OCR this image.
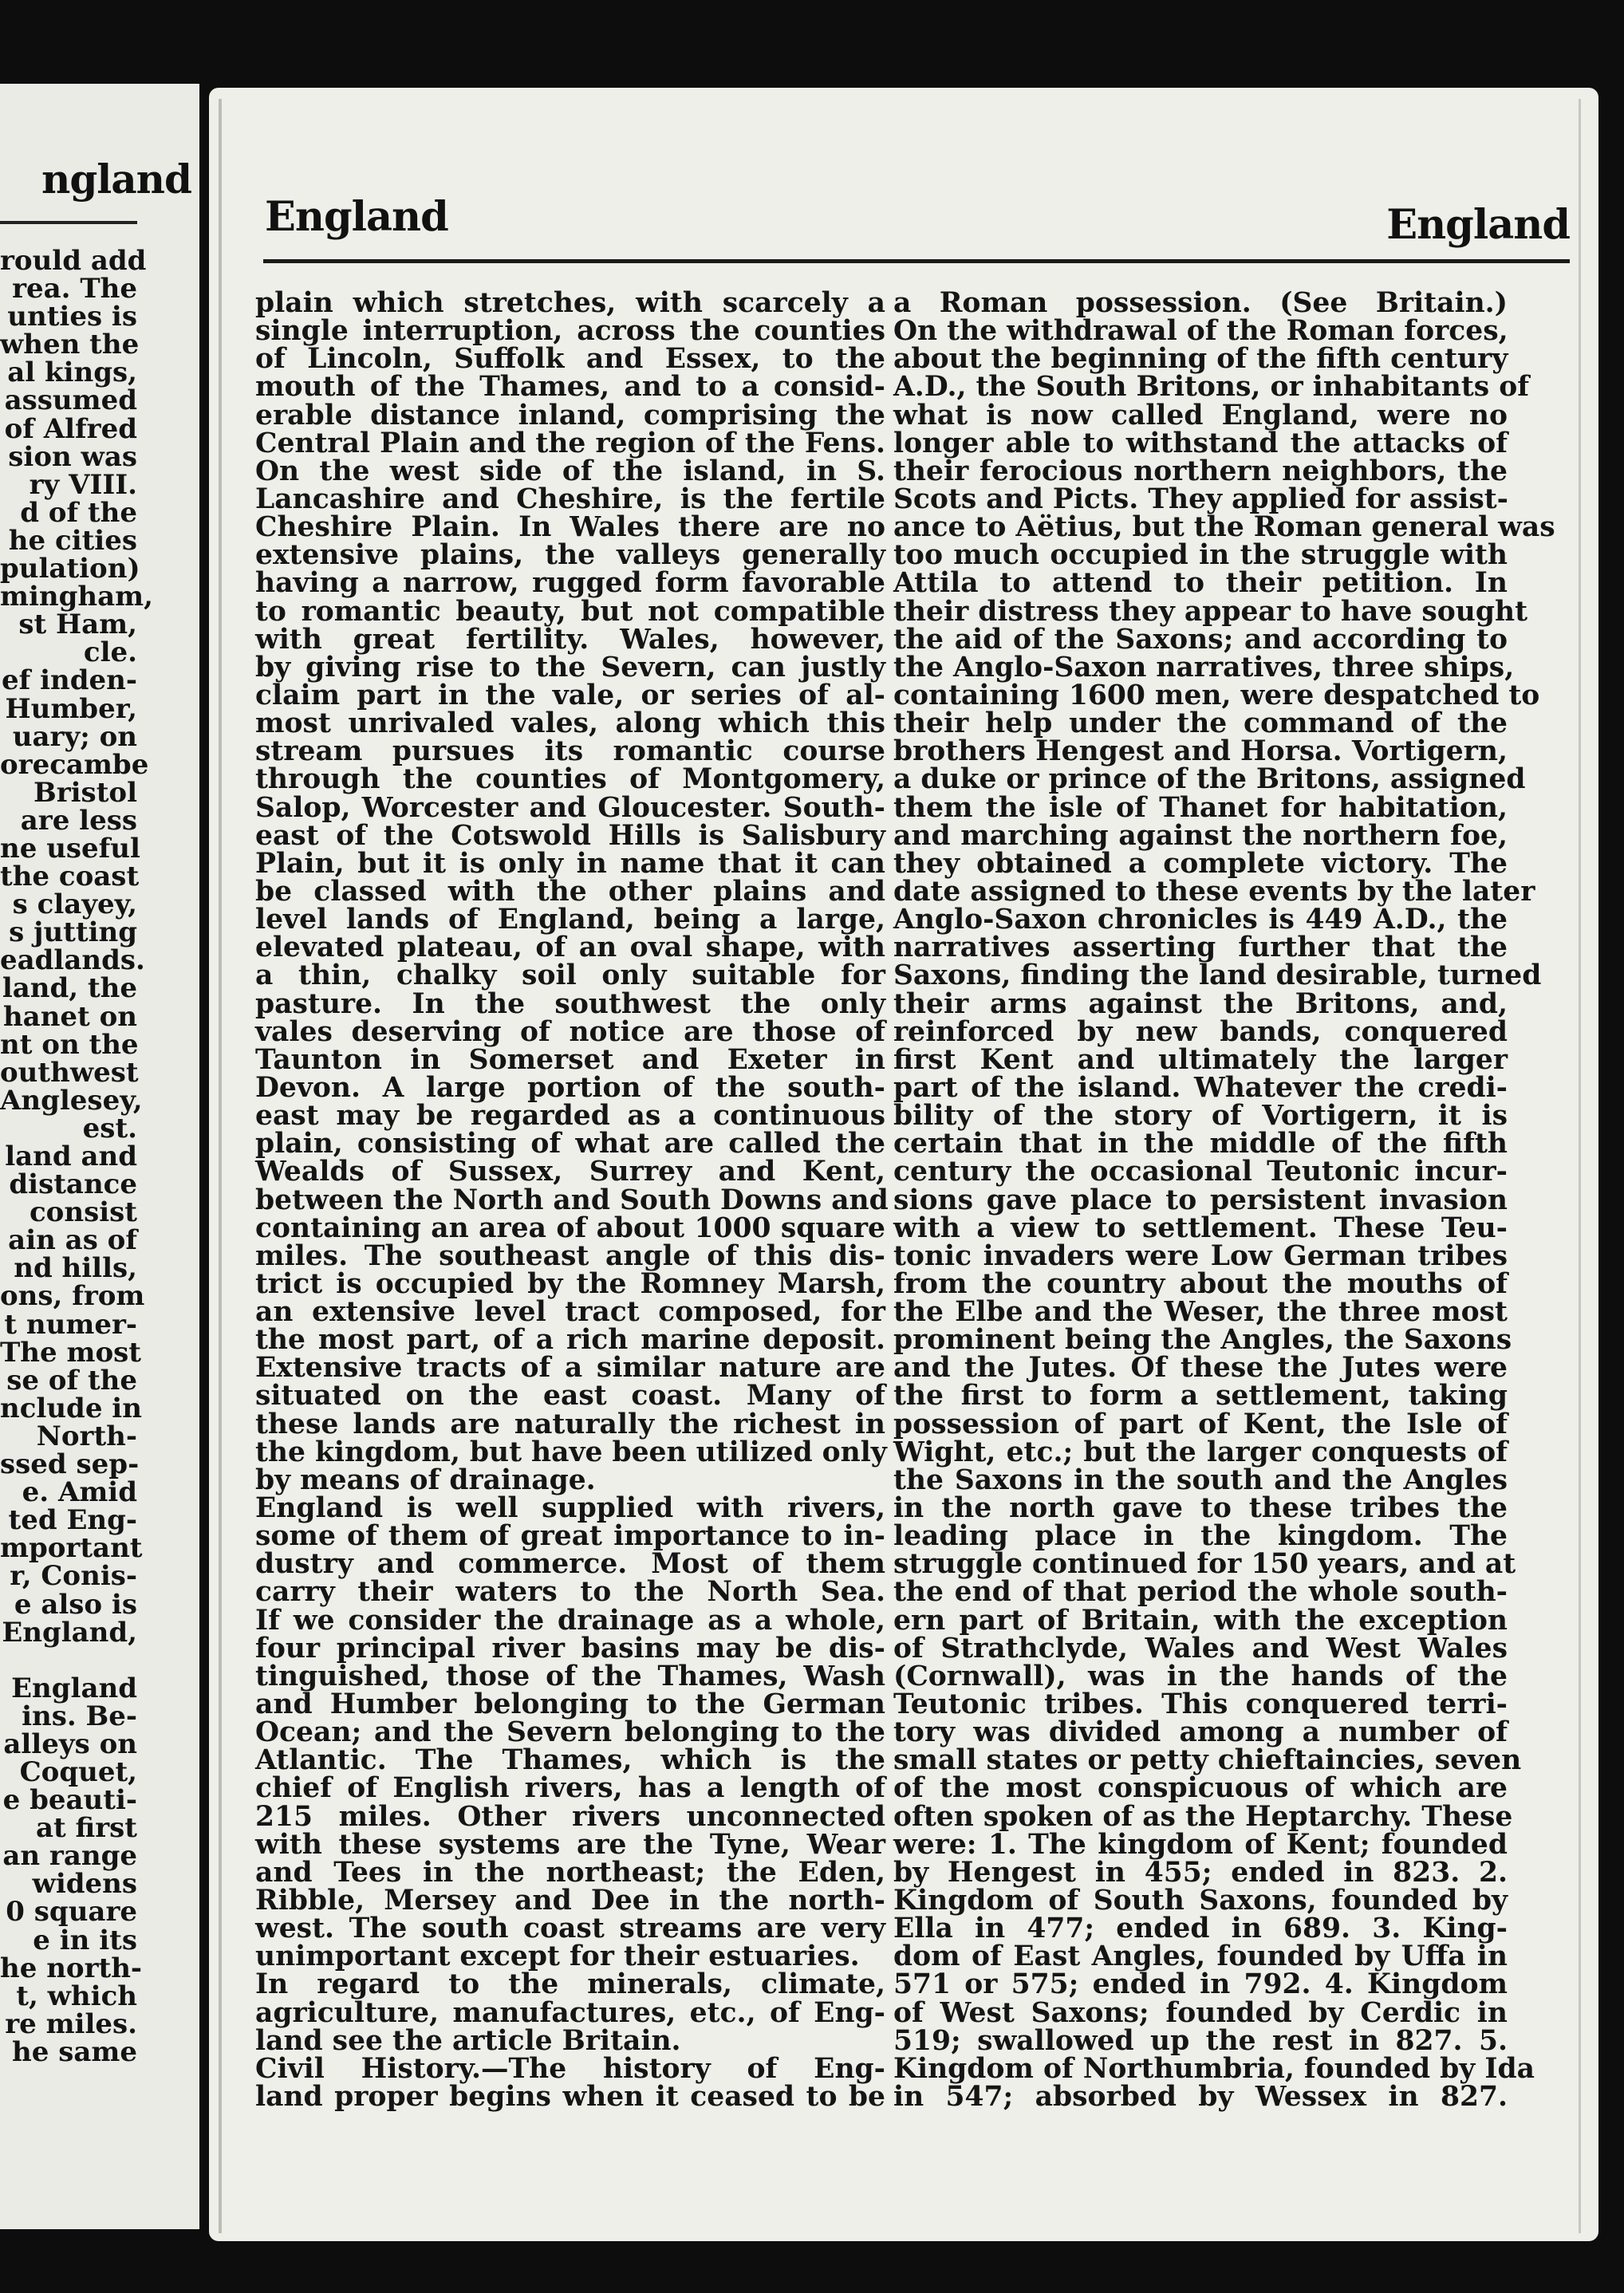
ngland
rould add
rea. The
unties is
when the
al kings,
assumed
of Alfred
sion was
ry VIII.
d of the
he cities
pulation)
mingham,
st Ham,
cle.
ef inden-
Humber,
uary; on
orecambe
Bristol
are less
ne useful
the coast
s clayey,
s jutting
eadlands.
land, the
hanet on
nt on the
outhwest
Anglesey,
est.
land and
distance
consist
ain as of
nd hills,
ons, from
t numer-
The most
se of the
nclude in
North-
ssed sep-
e. Amid
ted Eng-
mportant
r, Conis-
e also is
England,
England
ins. Be-
alleys on
Coquet,
e beauti-
at first
an range
widens
0 square
e in its
he north-
t, which
re miles.
he same
England	England
plain which stretches, with scarcely a
single interruption, across the counties
of Lincoln, Suffolk and Essex, to the
mouth of the Thames, and to a consid-
erable distance inland, comprising the
Central Plain and the region of the Fens.
On the west side of the island, in S.
Lancashire and Cheshire, is the fertile
Cheshire Plain. In Wales there are no
extensive plains, the valleys generally
having a narrow, rugged form favorable
to romantic beauty, but not compatible
with great fertility. Wales, however,
by giving rise to the Severn, can justly
claim part in the vale, or series of al-
most unrivaled vales, along which this
stream pursues its romantic course
through the counties of Montgomery,
Salop, Worcester and Gloucester. South-
east of the Cotswold Hills is Salisbury
Plain, but it is only in name that it can
be classed with the other plains and
level lands of England, being a large,
elevated plateau, of an oval shape, with
a thin, chalky soil only suitable for
pasture. In the southwest the only
vales deserving of notice are those of
Taunton in Somerset and Exeter in
Devon. A large portion of the south-
east may be regarded as a continuous
plain, consisting of what are called the
Wealds of Sussex, Surrey and Kent,
between the North and South Downs and
containing an area of about 1000 square
miles. The southeast angle of this dis-
trict is occupied by the Romney Marsh,
an extensive level tract composed, for
the most part, of a rich marine deposit.
Extensive tracts of a similar nature are
situated on the east coast. Many of
these lands are naturally the richest in
the kingdom, but have been utilized only
by means of drainage.
England is well supplied with rivers,
some of them of great importance to in-
dustry and commerce. Most of them
carry their waters to the North Sea.
If we consider the drainage as a whole,
four principal river basins may be dis-
tinguished, those of the Thames, Wash
and Humber belonging to the German
Ocean; and the Severn belonging to the
Atlantic. The Thames, which is the
chief of English rivers, has a length of
215 miles. Other rivers unconnected
with these systems are the Tyne, Wear
and Tees in the northeast; the Eden,
Ribble, Mersey and Dee in the north-
west. The south coast streams are very
unimportant except for their estuaries.
In regard to the minerals, climate,
agriculture, manufactures, etc., of Eng-
land see the article Britain.
Civil History.—The history of Eng-
land proper begins when it ceased to be
a Roman possession. (See Britain.)
On the withdrawal of the Roman forces,
about the beginning of the fifth century
A.D., the South Britons, or inhabitants of
what is now called England, were no
longer able to withstand the attacks of
their ferocious northern neighbors, the
Scots and Picts. They applied for assist-
ance to Aëtius, but the Roman general was
too much occupied in the struggle with
Attila to attend to their petition. In
their distress they appear to have sought
the aid of the Saxons; and according to
the Anglo-Saxon narratives, three ships,
containing 1600 men, were despatched to
their help under the command of the
brothers Hengest and Horsa. Vortigern,
a duke or prince of the Britons, assigned
them the isle of Thanet for habitation,
and marching against the northern foe,
they obtained a complete victory. The
date assigned to these events by the later
Anglo-Saxon chronicles is 449 A.D., the
narratives asserting further that the
Saxons, finding the land desirable, turned
their arms against the Britons, and,
reinforced by new bands, conquered
first Kent and ultimately the larger
part of the island. Whatever the credi-
bility of the story of Vortigern, it is
certain that in the middle of the fifth
century the occasional Teutonic incur-
sions gave place to persistent invasion
with a view to settlement. These Teu-
tonic invaders were Low German tribes
from the country about the mouths of
the Elbe and the Weser, the three most
prominent being the Angles, the Saxons
and the Jutes. Of these the Jutes were
the first to form a settlement, taking
possession of part of Kent, the Isle of
Wight, etc.; but the larger conquests of
the Saxons in the south and the Angles
in the north gave to these tribes the
leading place in the kingdom. The
struggle continued for 150 years, and at
the end of that period the whole south-
ern part of Britain, with the exception
of Strathclyde, Wales and West Wales
(Cornwall), was in the hands of the
Teutonic tribes. This conquered terri-
tory was divided among a number of
small states or petty chieftaincies, seven
of the most conspicuous of which are
often spoken of as the Heptarchy. These
were: 1. The kingdom of Kent; founded
by Hengest in 455; ended in 823. 2.
Kingdom of South Saxons, founded by
Ella in 477; ended in 689. 3. King-
dom of East Angles, founded by Uffa in
571 or 575; ended in 792. 4. Kingdom
of West Saxons; founded by Cerdic in
519; swallowed up the rest in 827. 5.
Kingdom of Northumbria, founded by Ida
in 547; absorbed by Wessex in 827.
